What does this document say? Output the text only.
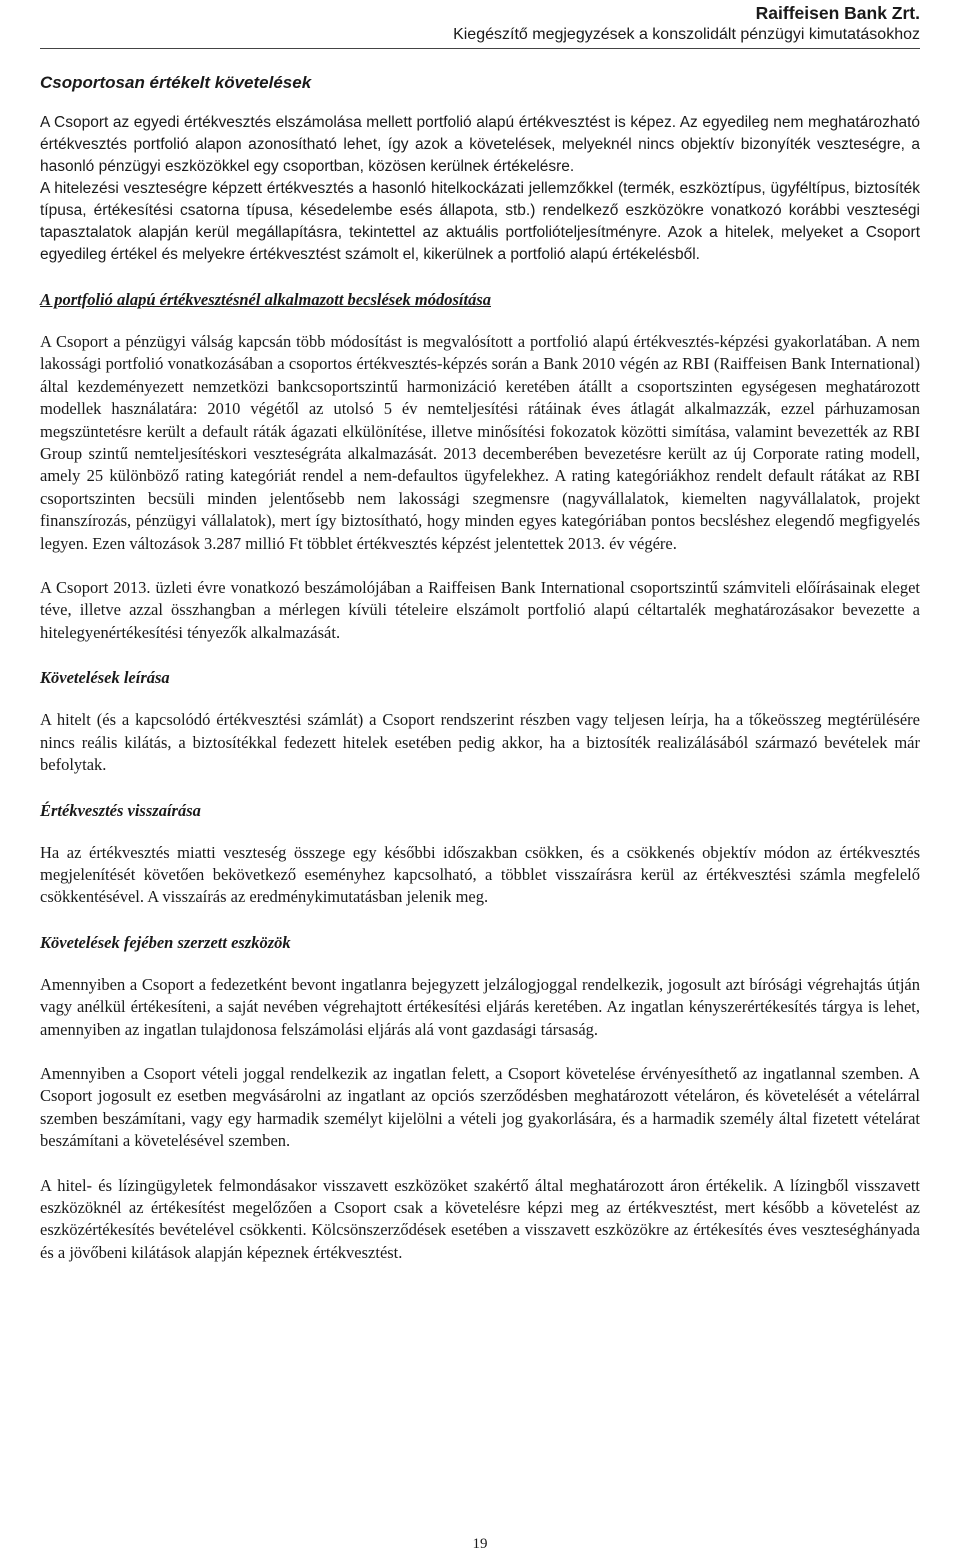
Raiffeisen Bank Zrt.
Kiegészítő megjegyzések a konszolidált pénzügyi kimutatásokhoz
Csoportosan értékelt követelések

A Csoport az egyedi értékvesztés elszámolása mellett portfolió alapú értékvesztést is képez. Az egyedileg nem meghatározható értékvesztés portfolió alapon azonosítható lehet, így azok a követelések, melyeknél nincs objektív bizonyíték veszteségre, a hasonló pénzügyi eszközökkel egy csoportban, közösen kerülnek értékelésre.

A hitelezési veszteségre képzett értékvesztés a hasonló hitelkockázati jellemzőkkel (termék, eszköztípus, ügyféltípus, biztosíték típusa, értékesítési csatorna típusa, késedelembe esés állapota, stb.) rendelkező eszközökre vonatkozó korábbi veszteségi tapasztalatok alapján kerül megállapításra, tekintettel az aktuális portfolióteljesítményre. Azok a hitelek, melyeket a Csoport egyedileg értékel és melyekre értékvesztést számolt el, kikerülnek a portfolió alapú értékelésből.

A portfolió alapú értékvesztésnél alkalmazott becslések módosítása

A Csoport a pénzügyi válság kapcsán több módosítást is megvalósított a portfolió alapú értékvesztés-képzési gyakorlatában. A nem lakossági portfolió vonatkozásában a csoportos értékvesztés-képzés során a Bank 2010 végén az RBI (Raiffeisen Bank International) által kezdeményezett nemzetközi bankcsoportszintű harmonizáció keretében átállt a csoportszinten egységesen meghatározott modellek használatára: 2010 végétől az utolsó 5 év nemteljesítési rátáinak éves átlagát alkalmazzák, ezzel párhuzamosan megszüntetésre került a default ráták ágazati elkülönítése, illetve minősítési fokozatok közötti simítása, valamint bevezették az RBI Group szintű nemteljesítéskori veszteségráta alkalmazását. 2013 decemberében bevezetésre került az új Corporate rating modell, amely 25 különböző rating kategóriát rendel a nem-defaultos ügyfelekhez. A rating kategóriákhoz rendelt default rátákat az RBI csoportszinten becsüli minden jelentősebb nem lakossági szegmensre (nagyvállalatok, kiemelten nagyvállalatok, projekt finanszírozás, pénzügyi vállalatok), mert így biztosítható, hogy minden egyes kategóriában pontos becsléshez elegendő megfigyelés legyen. Ezen változások 3.287 millió Ft többlet értékvesztés képzést jelentettek 2013. év végére.

A Csoport 2013. üzleti évre vonatkozó beszámolójában a Raiffeisen Bank International csoportszintű számviteli előírásainak eleget téve, illetve azzal összhangban a mérlegen kívüli tételeire elszámolt portfolió alapú céltartalék meghatározásakor bevezette a hitelegyenértékesítési tényezők alkalmazását.

Követelések leírása

A hitelt (és a kapcsolódó értékvesztési számlát) a Csoport rendszerint részben vagy teljesen leírja, ha a tőkeösszeg megtérülésére nincs reális kilátás, a biztosítékkal fedezett hitelek esetében pedig akkor, ha a biztosíték realizálásából származó bevételek már befolytak.

Értékvesztés visszaírása

Ha az értékvesztés miatti veszteség összege egy későbbi időszakban csökken, és a csökkenés objektív módon az értékvesztés megjelenítését követően bekövetkező eseményhez kapcsolható, a többlet visszaírásra kerül az értékvesztési számla megfelelő csökkentésével. A visszaírás az eredménykimutatásban jelenik meg.

Követelések fejében szerzett eszközök

Amennyiben a Csoport a fedezetként bevont ingatlanra bejegyzett jelzálogjoggal rendelkezik, jogosult azt bírósági végrehajtás útján vagy anélkül értékesíteni, a saját nevében végrehajtott értékesítési eljárás keretében. Az ingatlan kényszerértékesítés tárgya is lehet, amennyiben az ingatlan tulajdonosa felszámolási eljárás alá vont gazdasági társaság.

Amennyiben a Csoport vételi joggal rendelkezik az ingatlan felett, a Csoport követelése érvényesíthető az ingatlannal szemben. A Csoport jogosult ez esetben megvásárolni az ingatlant az opciós szerződésben meghatározott vételáron, és követelését a vételárral szemben beszámítani, vagy egy harmadik személyt kijelölni a vételi jog gyakorlására, és a harmadik személy által fizetett vételárat beszámítani a követelésével szemben.

A hitel- és lízingügyletek felmondásakor visszavett eszközöket szakértő által meghatározott áron értékelik. A lízingből visszavett eszközöknél az értékesítést megelőzően a Csoport csak a követelésre képzi meg az értékvesztést, mert később a követelést az eszközértékesítés bevételével csökkenti. Kölcsönszerződések esetében a visszavett eszközökre az értékesítés éves veszteséghányada és a jövőbeni kilátások alapján képeznek értékvesztést.

19
